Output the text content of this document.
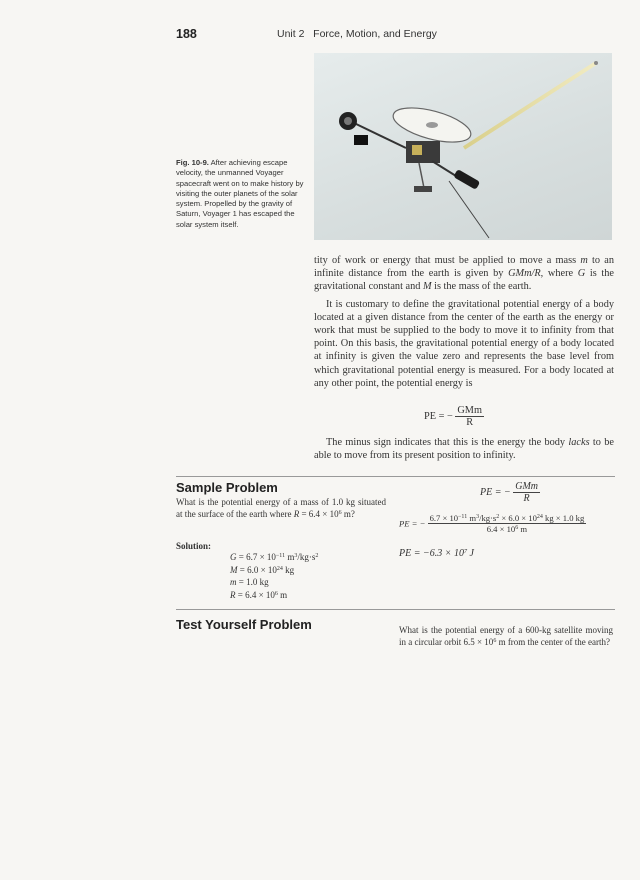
188	Unit 2   Force, Motion, and Energy
Fig. 10-9. After achieving escape velocity, the unmanned Voyager spacecraft went on to make history by visiting the outer planets of the solar system. Propelled by the gravity of Saturn, Voyager 1 has escaped the solar system itself.

tity of work or energy that must be applied to move a mass m to an infinite distance from the earth is given by GMm/R, where G is the gravitational constant and M is the mass of the earth.

It is customary to define the gravitational potential energy of a body located at a given distance from the center of the earth as the energy or work that must be supplied to the body to move it to infinity from that point. On this basis, the gravitational potential energy of a body located at infinity is given the value zero and represents the base level from which gravitational potential energy is measured. For a body located at any other point, the potential energy is

PE = − $\frac{\text{GMm}}{R}$
The minus sign indicates that this is the energy the body lacks to be able to move from its present position to infinity.
Sample Problem
What is the potential energy of a mass of 1.0 kg situated at the surface of the earth where $R = 6.4 \times 10^6$ m?
Solution:
$G = 6.7 \times 10^{-11}$ $m^3/kg\cdot s^2$
$M = 6.0 \times 10^{24}$ kg
m = 1.0 kg
$R = 6.4 \times 10^6$ m
PE = − $\frac{\text{GMm}}{R}$
PE = − $\frac{6.7 \times 10^{-11} m^3/kg\cdot s^2 \times 6.0 \times 10^{24} kg \times 1.0 kg}{6.4 \times 10^6 m}$
PE = $-6.3 \times 10^7$ J
Test Yourself Problem	What is the potential energy of a 600-kg satellite moving in a circular orbit $6.5 \times 10^6$ m from the center of the earth?
